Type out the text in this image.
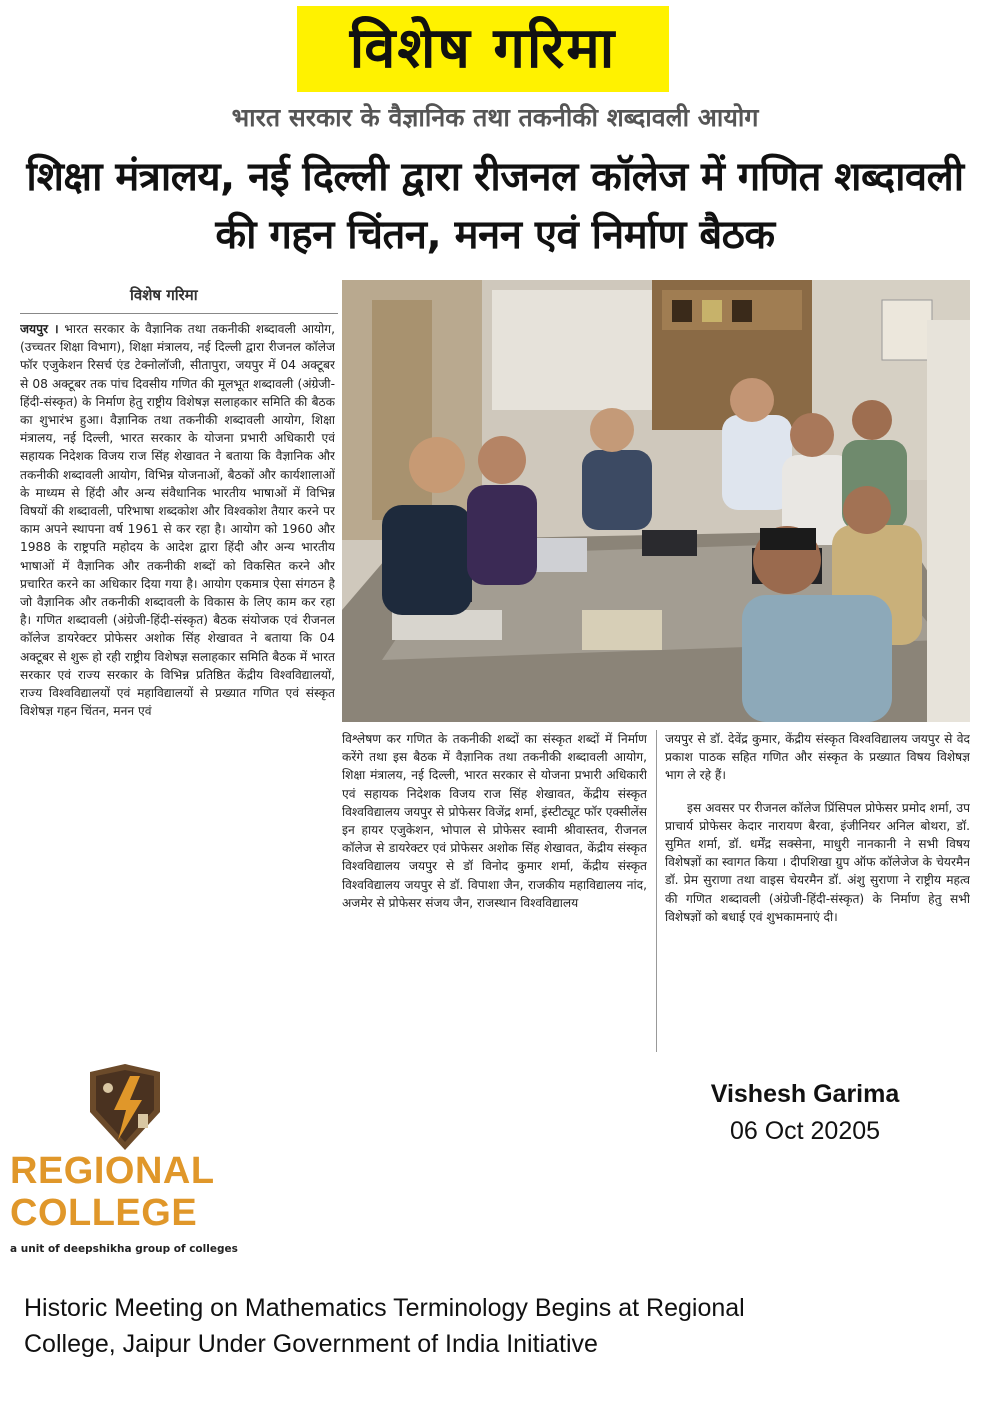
विशेष गरिमा
भारत सरकार के वैज्ञानिक तथा तकनीकी शब्दावली आयोग
शिक्षा मंत्रालय, नई दिल्ली द्वारा रीजनल कॉलेज में गणित शब्दावली की गहन चिंतन, मनन एवं निर्माण बैठक
विशेष गरिमा
जयपुर । भारत सरकार के वैज्ञानिक तथा तकनीकी शब्दावली आयोग, (उच्चतर शिक्षा विभाग), शिक्षा मंत्रालय, नई दिल्ली द्वारा रीजनल कॉलेज फॉर एजुकेशन रिसर्च एंड टेक्नोलॉजी, सीतापुरा, जयपुर में 04 अक्टूबर से 08 अक्टूबर तक पांच दिवसीय गणित की मूलभूत शब्दावली (अंग्रेजी-हिंदी-संस्कृत) के निर्माण हेतु राष्ट्रीय विशेषज्ञ सलाहकार समिति की बैठक का शुभारंभ हुआ। वैज्ञानिक तथा तकनीकी शब्दावली आयोग, शिक्षा मंत्रालय, नई दिल्ली, भारत सरकार के योजना प्रभारी अधिकारी एवं सहायक निदेशक विजय राज सिंह शेखावत ने बताया कि वैज्ञानिक और तकनीकी शब्दावली आयोग, विभिन्न योजनाओं, बैठकों और कार्यशालाओं के माध्यम से हिंदी और अन्य संवैधानिक भारतीय भाषाओं में विभिन्न विषयों की शब्दावली, परिभाषा शब्दकोश और विश्वकोश तैयार करने पर काम अपने स्थापना वर्ष 1961 से कर रहा है। आयोग को 1960 और 1988 के राष्ट्रपति महोदय के आदेश द्वारा हिंदी और अन्य भारतीय भाषाओं में वैज्ञानिक और तकनीकी शब्दों को विकसित करने और प्रचारित करने का अधिकार दिया गया है। आयोग एकमात्र ऐसा संगठन है जो वैज्ञानिक और तकनीकी शब्दावली के विकास के लिए काम कर रहा है। गणित शब्दावली (अंग्रेजी-हिंदी-संस्कृत) बैठक संयोजक एवं रीजनल कॉलेज डायरेक्टर प्रोफेसर अशोक सिंह शेखावत ने बताया कि 04 अक्टूबर से शुरू हो रही राष्ट्रीय विशेषज्ञ सलाहकार समिति बैठक में भारत सरकार एवं राज्य सरकार के विभिन्न प्रतिष्ठित केंद्रीय विश्वविद्यालयों, राज्य विश्वविद्यालयों एवं महाविद्यालयों से प्रख्यात गणित एवं संस्कृत विशेषज्ञ गहन चिंतन, मनन एवं
विश्लेषण कर गणित के तकनीकी शब्दों का संस्कृत शब्दों में निर्माण करेंगे तथा इस बैठक में वैज्ञानिक तथा तकनीकी शब्दावली आयोग, शिक्षा मंत्रालय, नई दिल्ली, भारत सरकार से योजना प्रभारी अधिकारी एवं सहायक निदेशक विजय राज सिंह शेखावत, केंद्रीय संस्कृत विश्वविद्यालय जयपुर से प्रोफेसर विजेंद्र शर्मा, इंस्टीट्यूट फॉर एक्सीलेंस इन हायर एजुकेशन, भोपाल से प्रोफेसर स्वामी श्रीवास्तव, रीजनल कॉलेज से डायरेक्टर एवं प्रोफेसर अशोक सिंह शेखावत, केंद्रीय संस्कृत विश्वविद्यालय जयपुर से डॉ विनोद कुमार शर्मा, केंद्रीय संस्कृत विश्वविद्यालय जयपुर से डॉ. विपाशा जैन, राजकीय महाविद्यालय नांद, अजमेर से प्रोफेसर संजय जैन, राजस्थान विश्वविद्यालय
जयपुर से डॉ. देवेंद्र कुमार, केंद्रीय संस्कृत विश्वविद्यालय जयपुर से वेद प्रकाश पाठक सहित गणित और संस्कृत के प्रख्यात विषय विशेषज्ञ भाग ले रहे हैं।
इस अवसर पर रीजनल कॉलेज प्रिंसिपल प्रोफेसर प्रमोद शर्मा, उप प्राचार्य प्रोफेसर केदार नारायण बैरवा, इंजीनियर अनिल बोथरा, डॉ. सुमित शर्मा, डॉ. धर्मेंद्र सक्सेना, माधुरी नानकानी ने सभी विषय विशेषज्ञों का स्वागत किया । दीपशिखा ग्रुप ऑफ कॉलेजेज के चेयरमैन डॉ. प्रेम सुराणा तथा वाइस चेयरमैन डॉ. अंशु सुराणा ने राष्ट्रीय महत्व की गणित शब्दावली (अंग्रेजी-हिंदी-संस्कृत) के निर्माण हेतु सभी विशेषज्ञों को बधाई एवं शुभकामनाएं दी।
REGIONAL COLLEGE
a unit of deepshikha group of colleges
Vishesh Garima
06 Oct 20205
Historic Meeting on Mathematics Terminology Begins at Regional College, Jaipur Under Government of India Initiative
